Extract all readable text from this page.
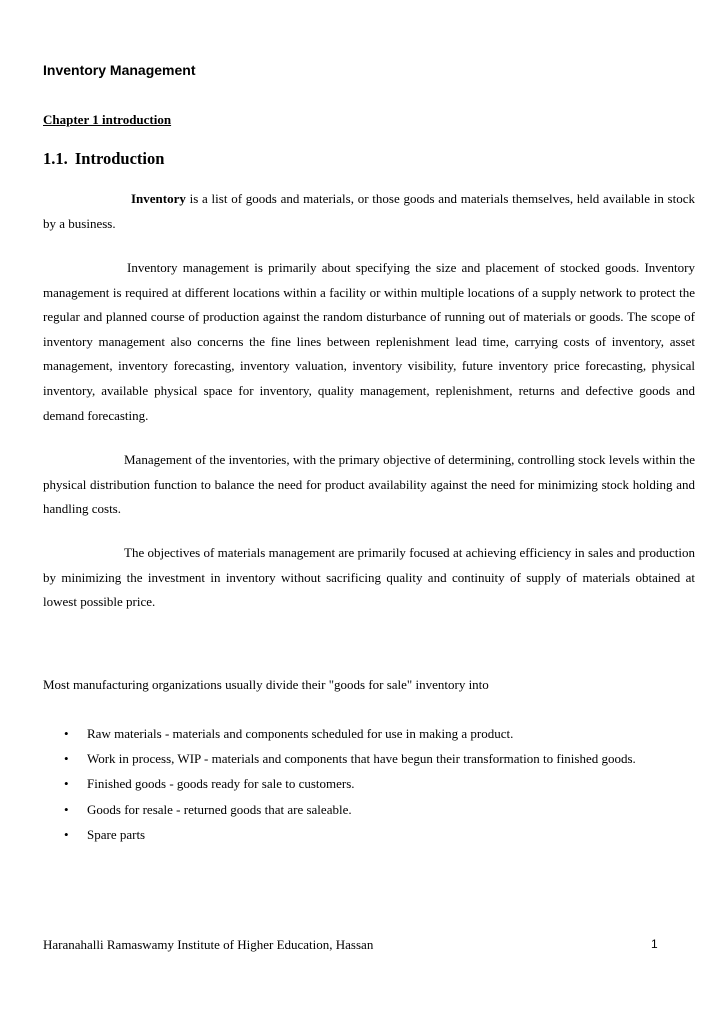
Inventory Management
Chapter 1 introduction
1.1. Introduction

Inventory is a list of goods and materials, or those goods and materials themselves, held available in stock by a business.

Inventory management is primarily about specifying the size and placement of stocked goods. Inventory management is required at different locations within a facility or within multiple locations of a supply network to protect the regular and planned course of production against the random disturbance of running out of materials or goods. The scope of inventory management also concerns the fine lines between replenishment lead time, carrying costs of inventory, asset management, inventory forecasting, inventory valuation, inventory visibility, future inventory price forecasting, physical inventory, available physical space for inventory, quality management, replenishment, returns and defective goods and demand forecasting.

Management of the inventories, with the primary objective of determining, controlling stock levels within the physical distribution function to balance the need for product availability against the need for minimizing stock holding and handling costs.

The objectives of materials management are primarily focused at achieving efficiency in sales and production by minimizing the investment in inventory without sacrificing quality and continuity of supply of materials obtained at lowest possible price.

Most manufacturing organizations usually divide their "goods for sale" inventory into
• Raw materials - materials and components scheduled for use in making a product.
• Work in process, WIP - materials and components that have begun their transformation to finished goods.
• Finished goods - goods ready for sale to customers.
• Goods for resale - returned goods that are saleable.
• Spare parts
Haranahalli Ramaswamy Institute of Higher Education, Hassan	1
